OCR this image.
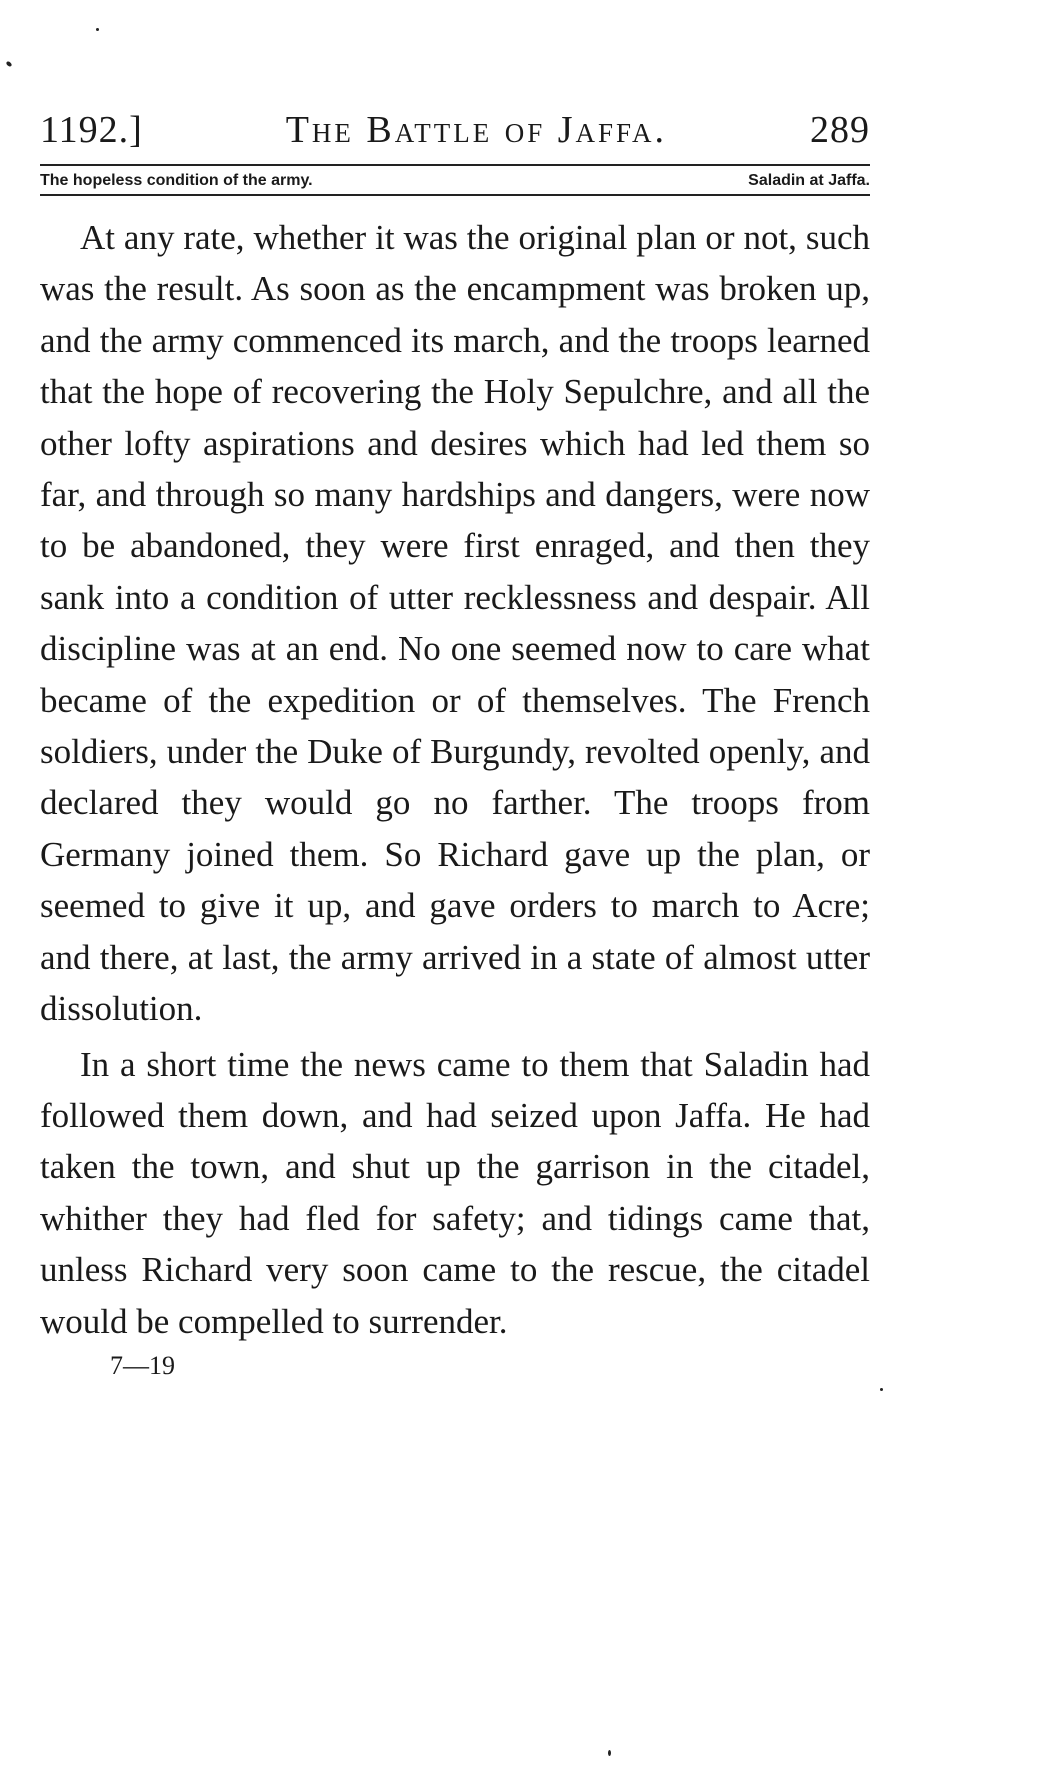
1192.]	The Battle of Jaffa.	289
The hopeless condition of the army.	Saladin at Jaffa.

At any rate, whether it was the original plan or not, such was the result. As soon as the encampment was broken up, and the army commenced its march, and the troops learned that the hope of recovering the Holy Sepulchre, and all the other lofty aspirations and desires which had led them so far, and through so many hardships and dangers, were now to be abandoned, they were first enraged, and then they sank into a condition of utter recklessness and despair. All discipline was at an end. No one seemed now to care what became of the expedition or of themselves. The French soldiers, under the Duke of Burgundy, revolted openly, and declared they would go no farther. The troops from Germany joined them. So Richard gave up the plan, or seemed to give it up, and gave orders to march to Acre; and there, at last, the army arrived in a state of almost utter dissolution.

In a short time the news came to them that Saladin had followed them down, and had seized upon Jaffa. He had taken the town, and shut up the garrison in the citadel, whither they had fled for safety; and tidings came that, unless Richard very soon came to the rescue, the citadel would be compelled to surrender.

7—19
